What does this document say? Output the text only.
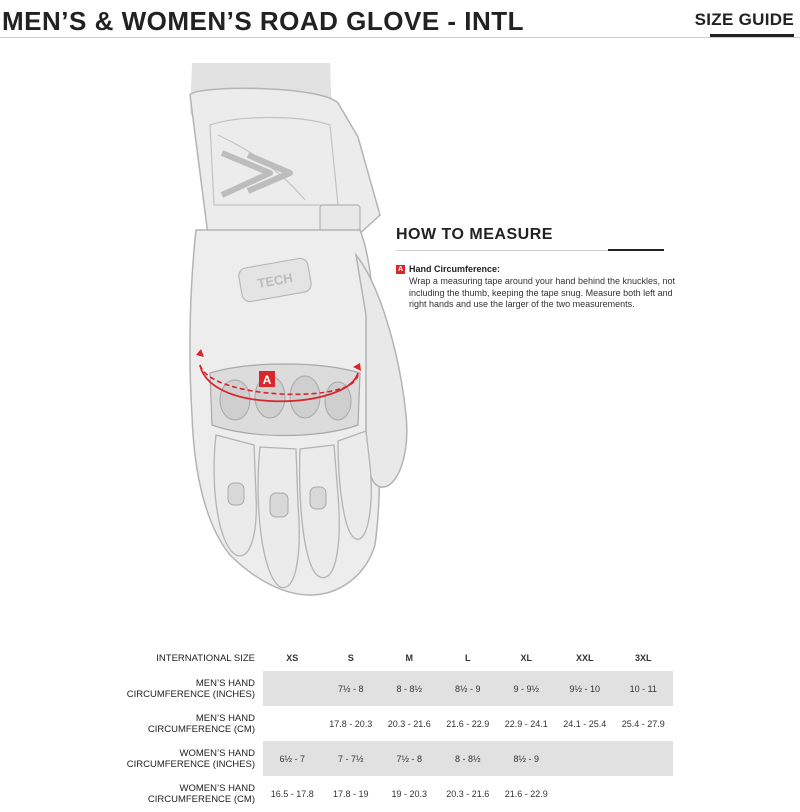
MEN’S & WOMEN’S ROAD GLOVE - INTL	SIZE GUIDE
TECH
A
HOW TO MEASURE
A Hand Circumference:

Wrap a measuring tape around your hand behind the knuckles, not including the thumb, keeping the tape snug. Measure both left and right hands and use the larger of the two measurements.

INTERNATIONAL SIZE	XS	S	M	L	XL	XXL	3XL

MEN’S HAND
CIRCUMFERENCE (INCHES)		7½ - 8	8 - 8½	8½ - 9	9 - 9½	9½ - 10	10 - 11

MEN’S HAND
CIRCUMFERENCE (CM)		17.8 - 20.3	20.3 - 21.6	21.6 - 22.9	22.9 - 24.1	24.1 - 25.4	25.4 - 27.9

WOMEN’S HAND
CIRCUMFERENCE (INCHES)	6½ - 7	7 - 7½	7½ - 8	8 - 8½	8½ - 9		

WOMEN’S HAND
CIRCUMFERENCE (CM)	16.5 - 17.8	17.8 - 19	19 - 20.3	20.3 - 21.6	21.6 - 22.9		
